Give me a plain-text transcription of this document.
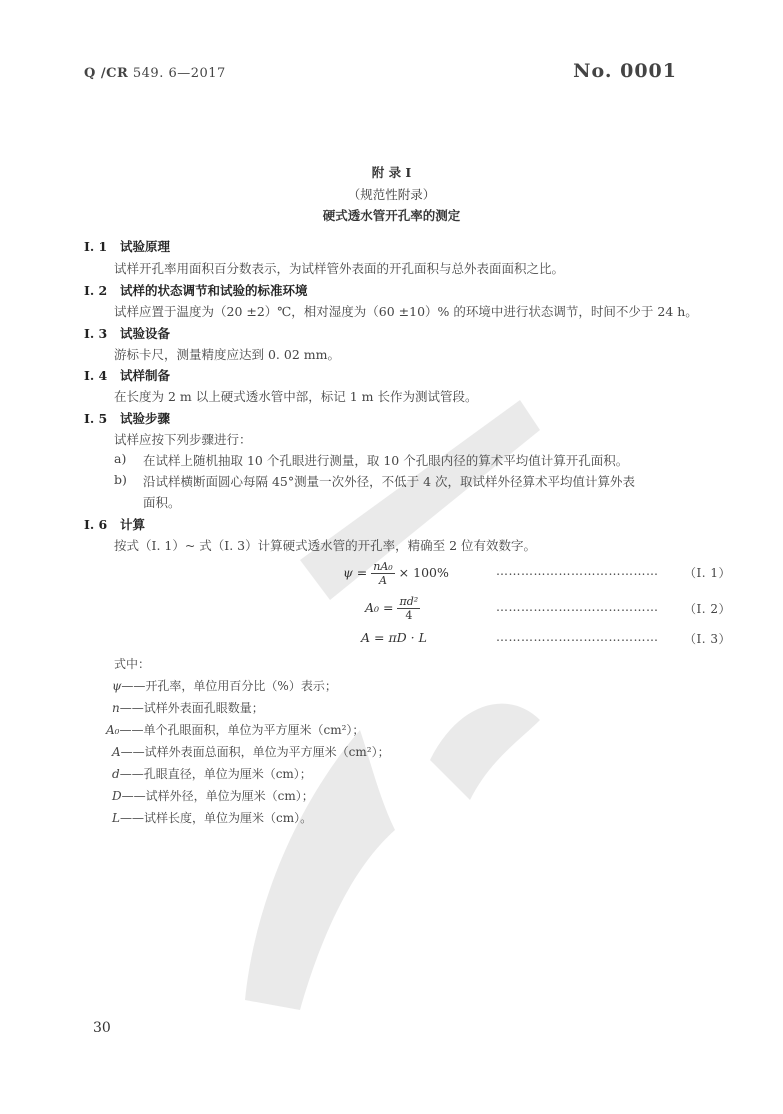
Q /CR 549. 6—2017	No. 0001
附 录 I
（规范性附录）
硬式透水管开孔率的测定
I. 1 试验原理
试样开孔率用面积百分数表示，为试样管外表面的开孔面积与总外表面面积之比。
I. 2 试样的状态调节和试验的标准环境
试样应置于温度为（20 ±2）℃，相对湿度为（60 ±10）% 的环境中进行状态调节，时间不少于 24 h。
I. 3 试验设备
游标卡尺，测量精度应达到 0. 02 mm。
I. 4 试样制备
在长度为 2 m 以上硬式透水管中部，标记 1 m 长作为测试管段。
I. 5 试验步骤
试样应按下列步骤进行：
a) 在试样上随机抽取 10 个孔眼进行测量，取 10 个孔眼内径的算术平均值计算开孔面积。
b) 沿试样横断面圆心每隔 45°测量一次外径，不低于 4 次，取试样外径算术平均值计算外表
面积。
I. 6 计算
按式（I. 1）~ 式（I. 3）计算硬式透水管的开孔率，精确至 2 位有效数字。
$\psi = \frac{\text{nA₀}}{A} \times 100\%$	………………………………… （I. 1）
$A_0 = \frac{\text{πd²}}{4}$	………………………………… （I. 2）
A = πD · L	………………………………… （I. 3）
式中：
ψ——开孔率，单位用百分比（%）表示；
n——试样外表面孔眼数量；
A₀——单个孔眼面积，单位为平方厘米（cm²）；
A——试样外表面总面积，单位为平方厘米（cm²）；
d——孔眼直径，单位为厘米（cm）；
D——试样外径，单位为厘米（cm）；
L——试样长度，单位为厘米（cm）。
30
